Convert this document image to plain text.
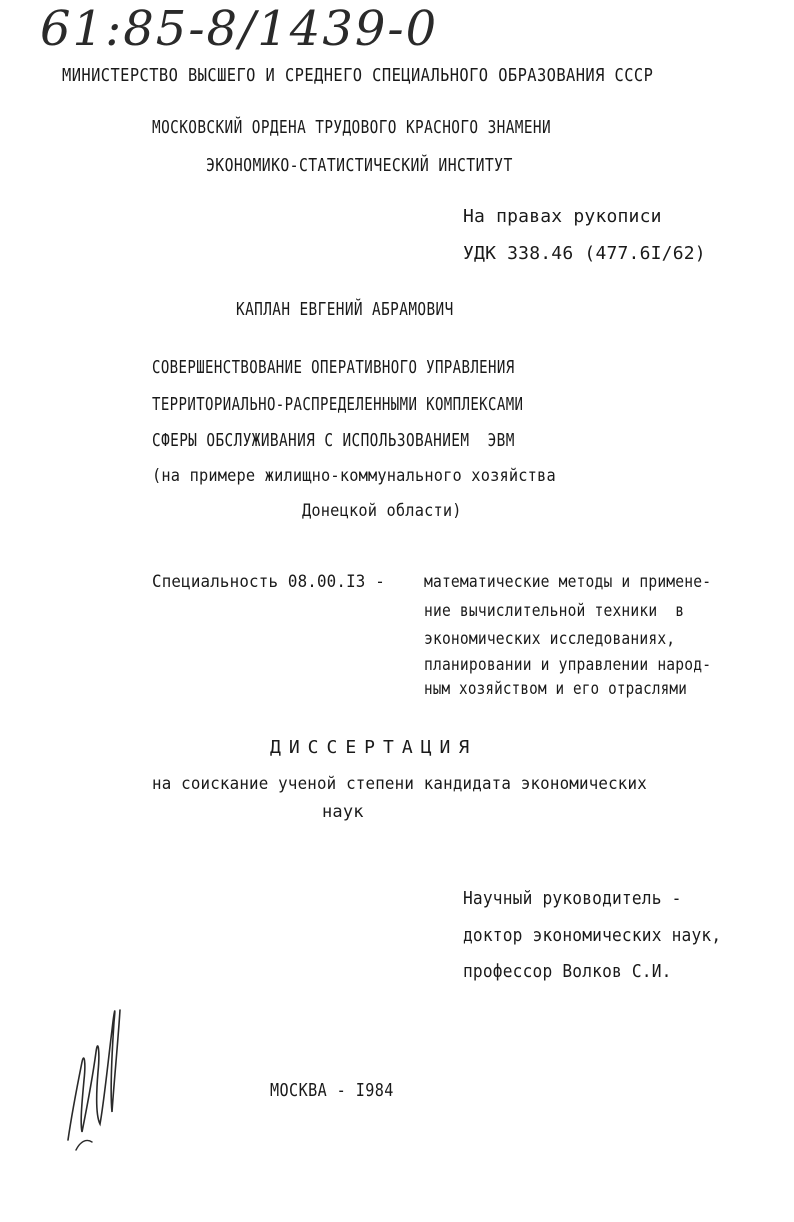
61:85-8/1439-0
МИНИСТЕРСТВО ВЫСШЕГО И СРЕДНЕГО СПЕЦИАЛЬНОГО ОБРАЗОВАНИЯ СССР
МОСКОВСКИЙ ОРДЕНА ТРУДОВОГО КРАСНОГО ЗНАМЕНИ
ЭКОНОМИКО-СТАТИСТИЧЕСКИЙ ИНСТИТУТ
На правах рукописи
УДК 338.46 (477.6I/62)
КАПЛАН ЕВГЕНИЙ АБРАМОВИЧ
СОВЕРШЕНСТВОВАНИЕ ОПЕРАТИВНОГО УПРАВЛЕНИЯ
ТЕРРИТОРИАЛЬНО-РАСПРЕДЕЛЕННЫМИ КОМПЛЕКСАМИ
СФЕРЫ ОБСЛУЖИВАНИЯ С ИСПОЛЬЗОВАНИЕМ  ЭВМ
(на примере жилищно-коммунального хозяйства
Донецкой области)
Специальность 08.00.I3 - математические методы и примене-
ние вычислительной техники  в
экономических исследованиях,
планировании и управлении народ-
ным хозяйством и его отраслями
ДИССЕРТАЦИЯ
на соискание ученой степени кандидата экономических
наук
Научный руководитель -
доктор экономических наук,
профессор Волков С.И.
МОСКВА - I984
